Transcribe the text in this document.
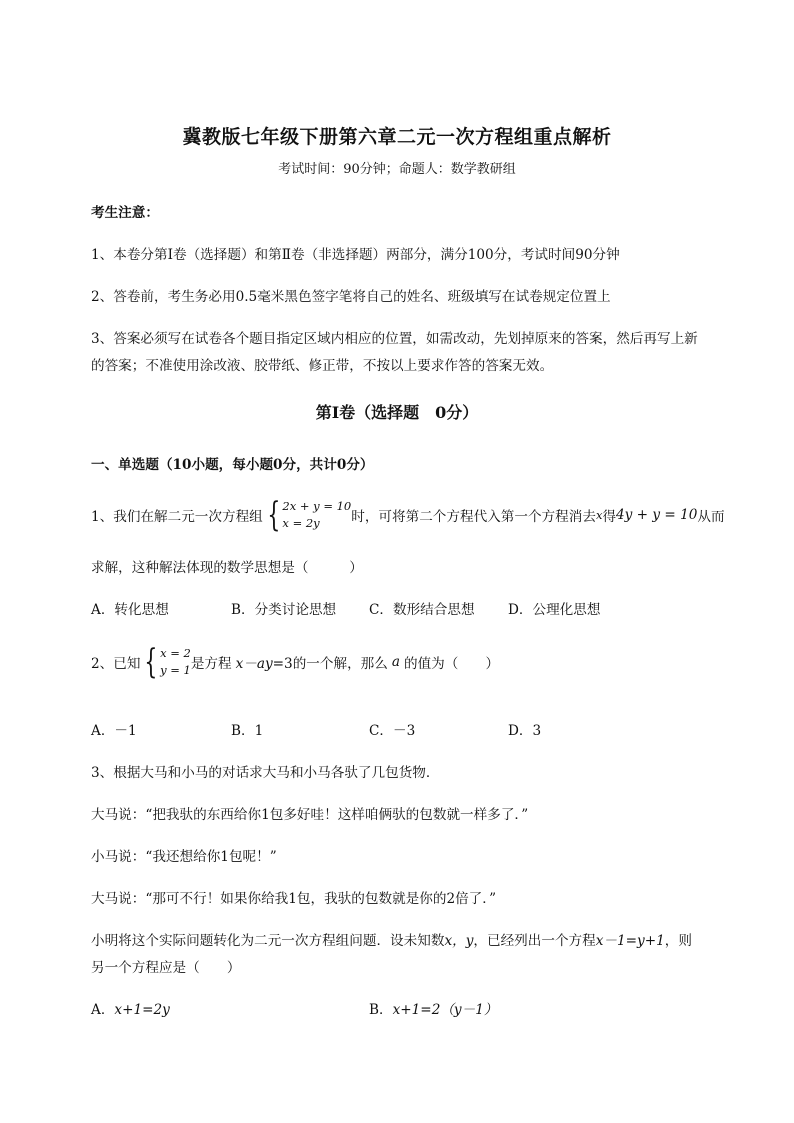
冀教版七年级下册第六章二元一次方程组重点解析
考试时间：90分钟；命题人：数学教研组
考生注意：
1、本卷分第I卷（选择题）和第Ⅱ卷（非选择题）两部分，满分100分，考试时间90分钟
2、答卷前，考生务必用0.5毫米黑色签字笔将自己的姓名、班级填写在试卷规定位置上
3、答案必须写在试卷各个题目指定区域内相应的位置，如需改动，先划掉原来的答案，然后再写上新
的答案；不准使用涂改液、胶带纸、修正带，不按以上要求作答的答案无效。
第I卷（选择题　0分）
一、单选题（10小题，每小题0分，共计0分）
1、我们在解二元一次方程组 { 2x + y = 10
x = 2y 时，可将第二个方程代入第一个方程消去x得4y + y = 10从而
求解，这种解法体现的数学思想是（　　　）
A．转化思想	B．分类讨论思想 C．数形结合思想 D．公理化思想
2、已知 { x = 2
y = 1是方程 x－ay=3的一个解，那么 a 的值为（　　）
A．－1	B．1	C．－3	D．3
3、根据大马和小马的对话求大马和小马各驮了几包货物．
大马说：“把我驮的东西给你1包多好哇！这样咱俩驮的包数就一样多了．”
小马说：“我还想给你1包呢！”
大马说：“那可不行！如果你给我1包，我驮的包数就是你的2倍了．”
小明将这个实际问题转化为二元一次方程组问题．设未知数x，y，已经列出一个方程x－1=y+1，则
另一个方程应是（　　）
A．x+1=2y	B．x+1=2（y－1）
